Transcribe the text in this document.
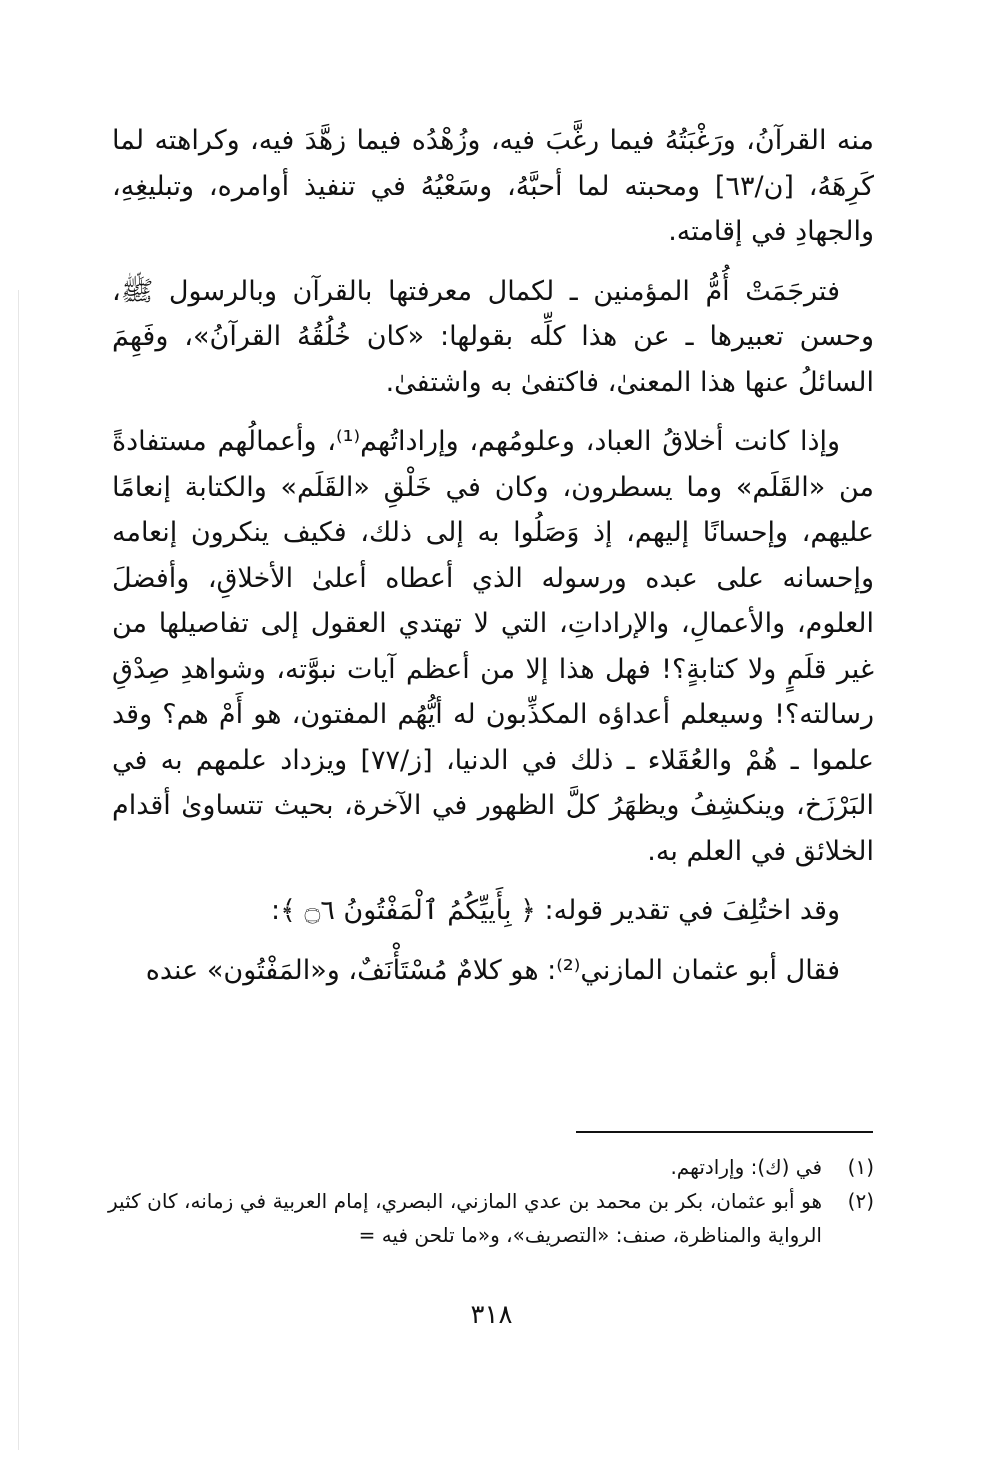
منه القرآنُ، ورَغْبَتُهُ فيما رغَّبَ فيه، وزُهْدُه فيما زهَّدَ فيه، وكراهته لما كَرِهَهُ، [ن/٦٣] ومحبته لما أحبَّهُ، وسَعْيُهُ في تنفيذ أوامره، وتبليغِهِ، والجهادِ في إقامته.

فترجَمَتْ أُمُّ المؤمنين ـ لكمال معرفتها بالقرآن وبالرسول ﷺ، وحسن تعبيرها ـ عن هذا كلِّه بقولها: «كان خُلُقُهُ القرآنُ»، وفَهِمَ السائلُ عنها هذا المعنىٰ، فاكتفىٰ به واشتفىٰ.

وإذا كانت أخلاقُ العباد، وعلومُهم، وإراداتُهم⁽¹⁾، وأعمالُهم مستفادةً من «القَلَم» وما يسطرون، وكان في خَلْقِ «القَلَم» والكتابة إنعامًا عليهم، وإحسانًا إليهم، إذ وَصَلُوا به إلى ذلك، فكيف ينكرون إنعامه وإحسانه على عبده ورسوله الذي أعطاه أعلىٰ الأخلاقِ، وأفضلَ العلوم، والأعمالِ، والإراداتِ، التي لا تهتدي العقول إلى تفاصيلها من غير قلَمٍ ولا كتابةٍ؟! فهل هذا إلا من أعظم آيات نبوَّته، وشواهدِ صِدْقِ رسالته؟! وسيعلم أعداؤه المكذِّبون له أيُّهُم المفتون، هو أَمْ هم؟ وقد علموا ـ هُمْ والعُقَلاء ـ ذلك في الدنيا، [ز/٧٧] ويزداد علمهم به في البَرْزَخ، وينكشِفُ ويظهَرُ كلَّ الظهور في الآخرة، بحيث تتساوىٰ أقدام الخلائق في العلم به.

وقد اختُلِفَ في تقدير قوله: ﴿ بِأَييِّكُمُ ٱلْمَفْتُونُ ۝٦ ﴾:

فقال أبو عثمان المازني⁽²⁾: هو كلامٌ مُسْتَأْنَفٌ، و«المَفْتُون» عنده

(١)
في (ك): وإرادتهم.
(٢)
هو أبو عثمان، بكر بن محمد بن عدي المازني، البصري، إمام العربية في زمانه، كان كثير الرواية والمناظرة، صنف: «التصريف»، و«ما تلحن فيه =
٣١٨
